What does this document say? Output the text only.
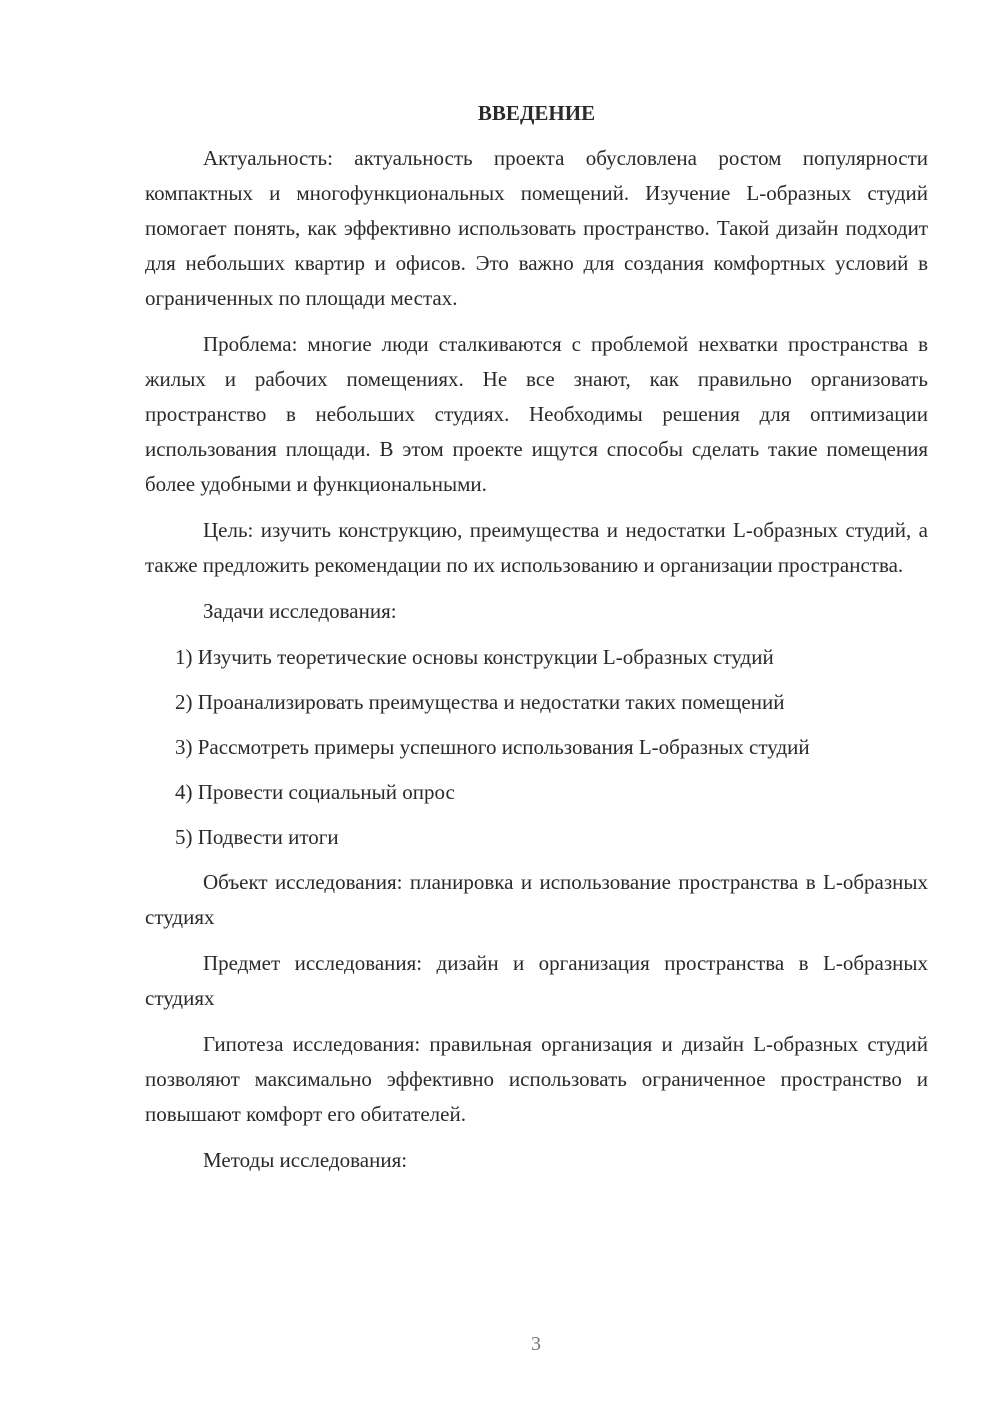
ВВЕДЕНИЕ

Актуальность: актуальность проекта обусловлена ростом популярности компактных и многофункциональных помещений. Изучение L-образных студий помогает понять, как эффективно использовать пространство. Такой дизайн подходит для небольших квартир и офисов. Это важно для создания комфортных условий в ограниченных по площади местах.

Проблема: многие люди сталкиваются с проблемой нехватки пространства в жилых и рабочих помещениях. Не все знают, как правильно организовать пространство в небольших студиях. Необходимы решения для оптимизации использования площади. В этом проекте ищутся способы сделать такие помещения более удобными и функциональными.

Цель: изучить конструкцию, преимущества и недостатки L-образных студий, а также предложить рекомендации по их использованию и организации пространства.

Задачи исследования:

1) Изучить теоретические основы конструкции L-образных студий
2) Проанализировать преимущества и недостатки таких помещений
3) Рассмотреть примеры успешного использования L-образных студий
4) Провести социальный опрос
5) Подвести итоги

Объект исследования: планировка и использование пространства в L-образных студиях

Предмет исследования: дизайн и организация пространства в L-образных студиях

Гипотеза исследования: правильная организация и дизайн L-образных студий позволяют максимально эффективно использовать ограниченное пространство и повышают комфорт его обитателей.

Методы исследования:

3
